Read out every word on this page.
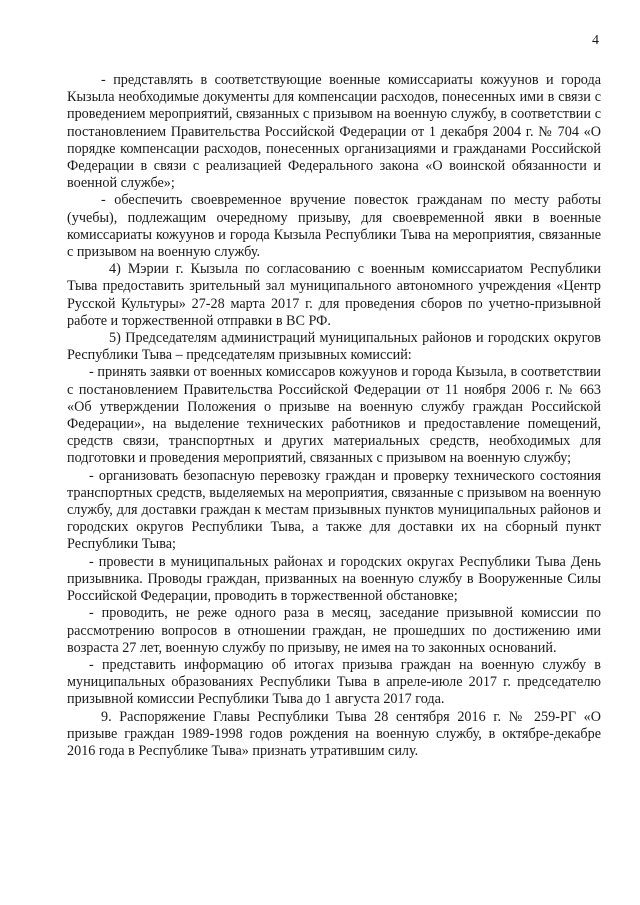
4

- представлять в соответствующие военные комиссариаты кожуунов и города Кызыла необходимые документы для компенсации расходов, понесенных ими в связи с проведением мероприятий, связанных с призывом на военную службу, в соответствии с постановлением Правительства Российской Федерации от 1 декабря 2004 г. № 704 «О порядке компенсации расходов, понесенных организациями и гражданами Российской Федерации в связи с реализацией Федерального закона «О воинской обязанности и военной службе»;

- обеспечить своевременное вручение повесток гражданам по месту работы (учебы), подлежащим очередному призыву, для своевременной явки в военные комиссариаты кожуунов и города Кызыла Республики Тыва на мероприятия, связанные с призывом на военную службу.

4) Мэрии г. Кызыла по согласованию с военным комиссариатом Республики Тыва предоставить зрительный зал муниципального автономного учреждения «Центр Русской Культуры» 27-28 марта 2017 г. для проведения сборов по учетно-призывной работе и торжественной отправки в ВС РФ.

5) Председателям администраций муниципальных районов и городских округов Республики Тыва – председателям призывных комиссий:

- принять заявки от военных комиссаров кожуунов и города Кызыла, в соответствии с постановлением Правительства Российской Федерации от 11 ноября 2006 г. № 663 «Об утверждении Положения о призыве на военную службу граждан Российской Федерации», на выделение технических работников и предоставление помещений, средств связи, транспортных и других материальных средств, необходимых для подготовки и проведения мероприятий, связанных с призывом на военную службу;

- организовать безопасную перевозку граждан и проверку технического состояния транспортных средств, выделяемых на мероприятия, связанные с призывом на военную службу, для доставки граждан к местам призывных пунктов муниципальных районов и городских округов Республики Тыва, а также для доставки их на сборный пункт Республики Тыва;

- провести в муниципальных районах и городских округах Республики Тыва День призывника. Проводы граждан, призванных на военную службу в Вооруженные Силы Российской Федерации, проводить в торжественной обстановке;

- проводить, не реже одного раза в месяц, заседание призывной комиссии по рассмотрению вопросов в отношении граждан, не прошедших по достижению ими возраста 27 лет, военную службу по призыву, не имея на то законных оснований.

- представить информацию об итогах призыва граждан на военную службу в муниципальных образованиях Республики Тыва в апреле-июле 2017 г. председателю призывной комиссии Республики Тыва до 1 августа 2017 года.

9. Распоряжение Главы Республики Тыва 28 сентября 2016 г. № 259-РГ «О призыве граждан 1989-1998 годов рождения на военную службу, в октябре-декабре 2016 года в Республике Тыва» признать утратившим силу.
